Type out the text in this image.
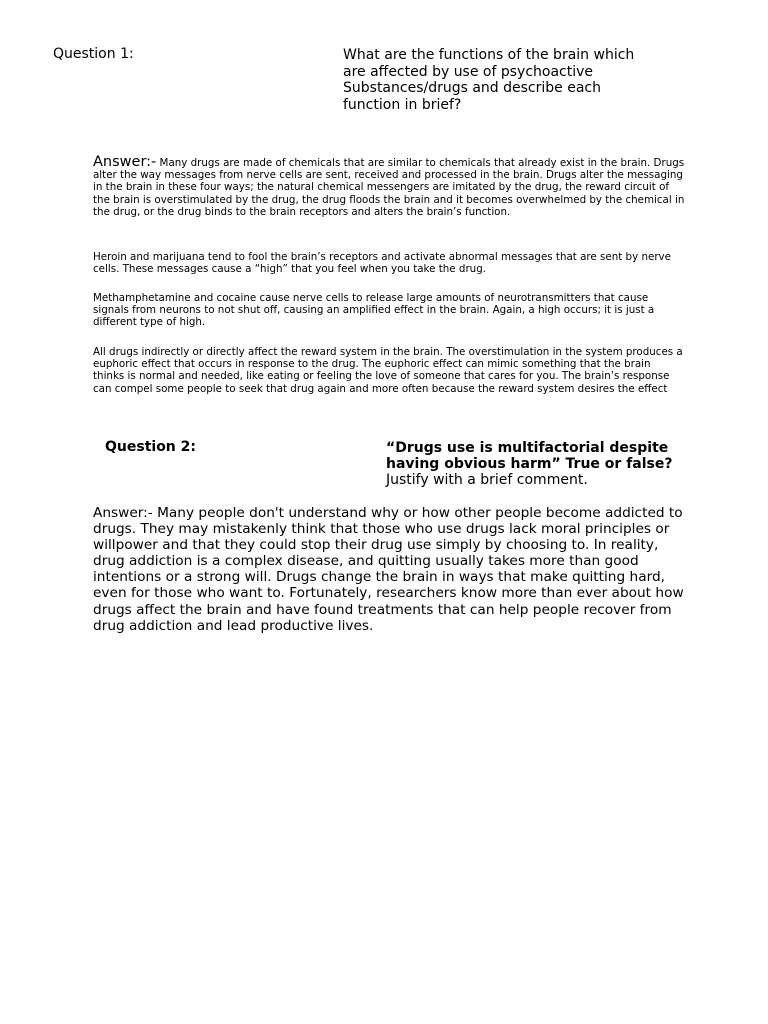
Question 1:	What are the functions of the brain which are affected by use of psychoactive Substances/drugs and describe each function in brief?

Answer:- Many drugs are made of chemicals that are similar to chemicals that already exist in the brain. Drugs alter the way messages from nerve cells are sent, received and processed in the brain. Drugs alter the messaging in the brain in these four ways; the natural chemical messengers are imitated by the drug, the reward circuit of the brain is overstimulated by the drug, the drug floods the brain and it becomes overwhelmed by the chemical in the drug, or the drug binds to the brain receptors and alters the brain’s function.

Heroin and marijuana tend to fool the brain’s receptors and activate abnormal messages that are sent by nerve cells. These messages cause a “high” that you feel when you take the drug.

Methamphetamine and cocaine cause nerve cells to release large amounts of neurotransmitters that cause signals from neurons to not shut off, causing an amplified effect in the brain. Again, a high occurs; it is just a different type of high.

All drugs indirectly or directly affect the reward system in the brain. The overstimulation in the system produces a euphoric effect that occurs in response to the drug. The euphoric effect can mimic something that the brain thinks is normal and needed, like eating or feeling the love of someone that cares for you. The brain’s response can compel some people to seek that drug again and more often because the reward system desires the effect

Question 2:	“Drugs use is multifactorial despite having obvious harm” True or false?
Justify with a brief comment.

Answer:- Many people don't understand why or how other people become addicted to drugs. They may mistakenly think that those who use drugs lack moral principles or willpower and that they could stop their drug use simply by choosing to. In reality, drug addiction is a complex disease, and quitting usually takes more than good intentions or a strong will. Drugs change the brain in ways that make quitting hard, even for those who want to. Fortunately, researchers know more than ever about how drugs affect the brain and have found treatments that can help people recover from drug addiction and lead productive lives.
